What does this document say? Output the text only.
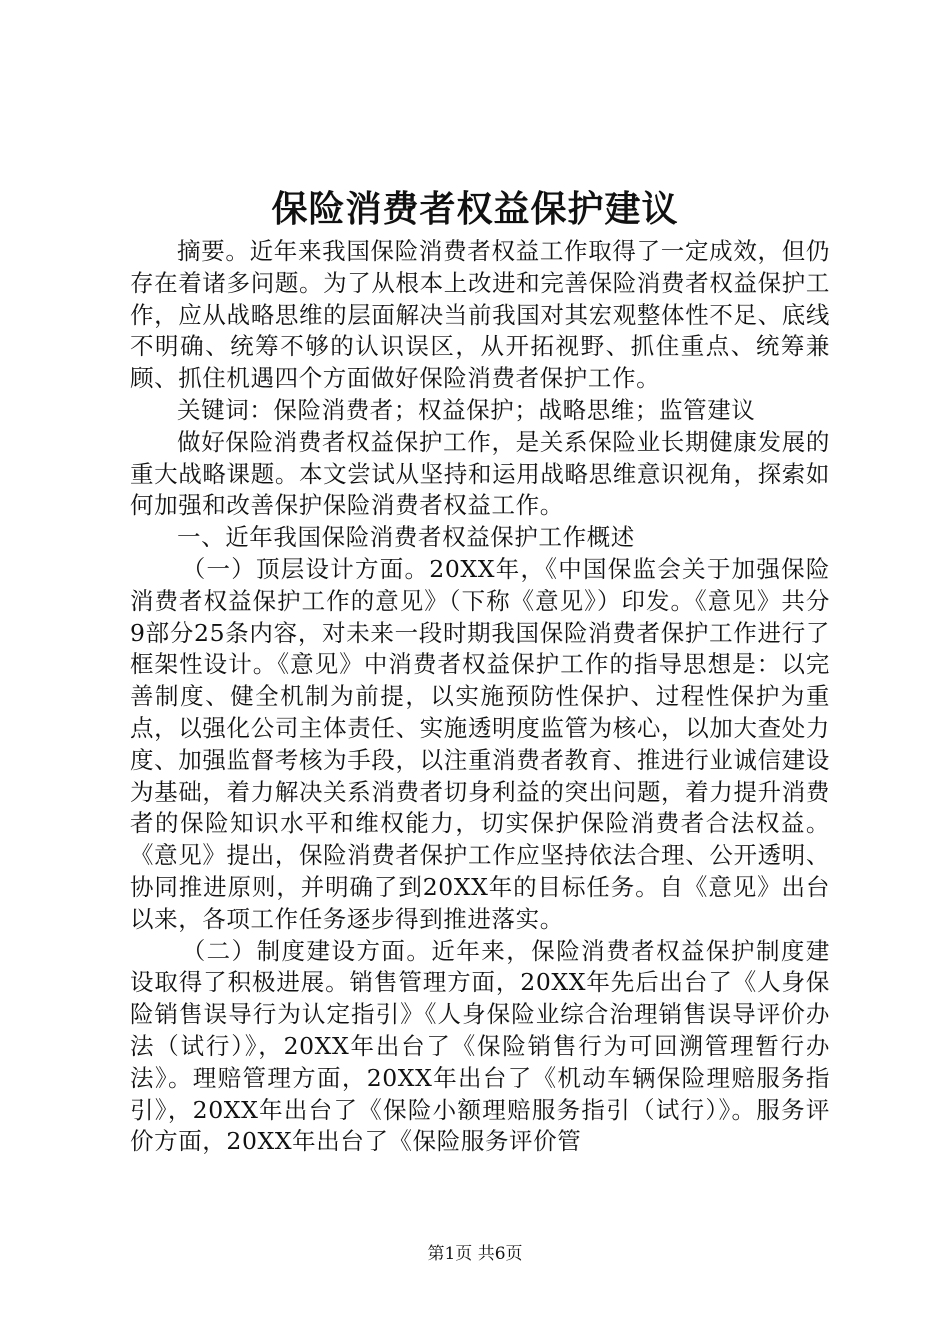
保险消费者权益保护建议

摘要。近年来我国保险消费者权益工作取得了一定成效，但仍存在着诸多问题。为了从根本上改进和完善保险消费者权益保护工作，应从战略思维的层面解决当前我国对其宏观整体性不足、底线不明确、统筹不够的认识误区，从开拓视野、抓住重点、统筹兼顾、抓住机遇四个方面做好保险消费者保护工作。

关键词：保险消费者；权益保护；战略思维；监管建议

做好保险消费者权益保护工作，是关系保险业长期健康发展的重大战略课题。本文尝试从坚持和运用战略思维意识视角，探索如何加强和改善保护保险消费者权益工作。

一、近年我国保险消费者权益保护工作概述

（一）顶层设计方面。20XX年，《中国保监会关于加强保险消费者权益保护工作的意见》（下称《意见》）印发。《意见》共分9部分25条内容，对未来一段时期我国保险消费者保护工作进行了框架性设计。《意见》中消费者权益保护工作的指导思想是：以完善制度、健全机制为前提，以实施预防性保护、过程性保护为重点，以强化公司主体责任、实施透明度监管为核心，以加大查处力度、加强监督考核为手段，以注重消费者教育、推进行业诚信建设为基础，着力解决关系消费者切身利益的突出问题，着力提升消费者的保险知识水平和维权能力，切实保护保险消费者合法权益。《意见》提出，保险消费者保护工作应坚持依法合理、公开透明、协同推进原则，并明确了到20XX年的目标任务。自《意见》出台以来，各项工作任务逐步得到推进落实。

（二）制度建设方面。近年来，保险消费者权益保护制度建设取得了积极进展。销售管理方面，20XX年先后出台了《人身保险销售误导行为认定指引》《人身保险业综合治理销售误导评价办法（试行）》，20XX年出台了《保险销售行为可回溯管理暂行办法》。理赔管理方面，20XX年出台了《机动车辆保险理赔服务指引》，20XX年出台了《保险小额理赔服务指引（试行）》。服务评价方面，20XX年出台了《保险服务评价管

第1页 共6页
